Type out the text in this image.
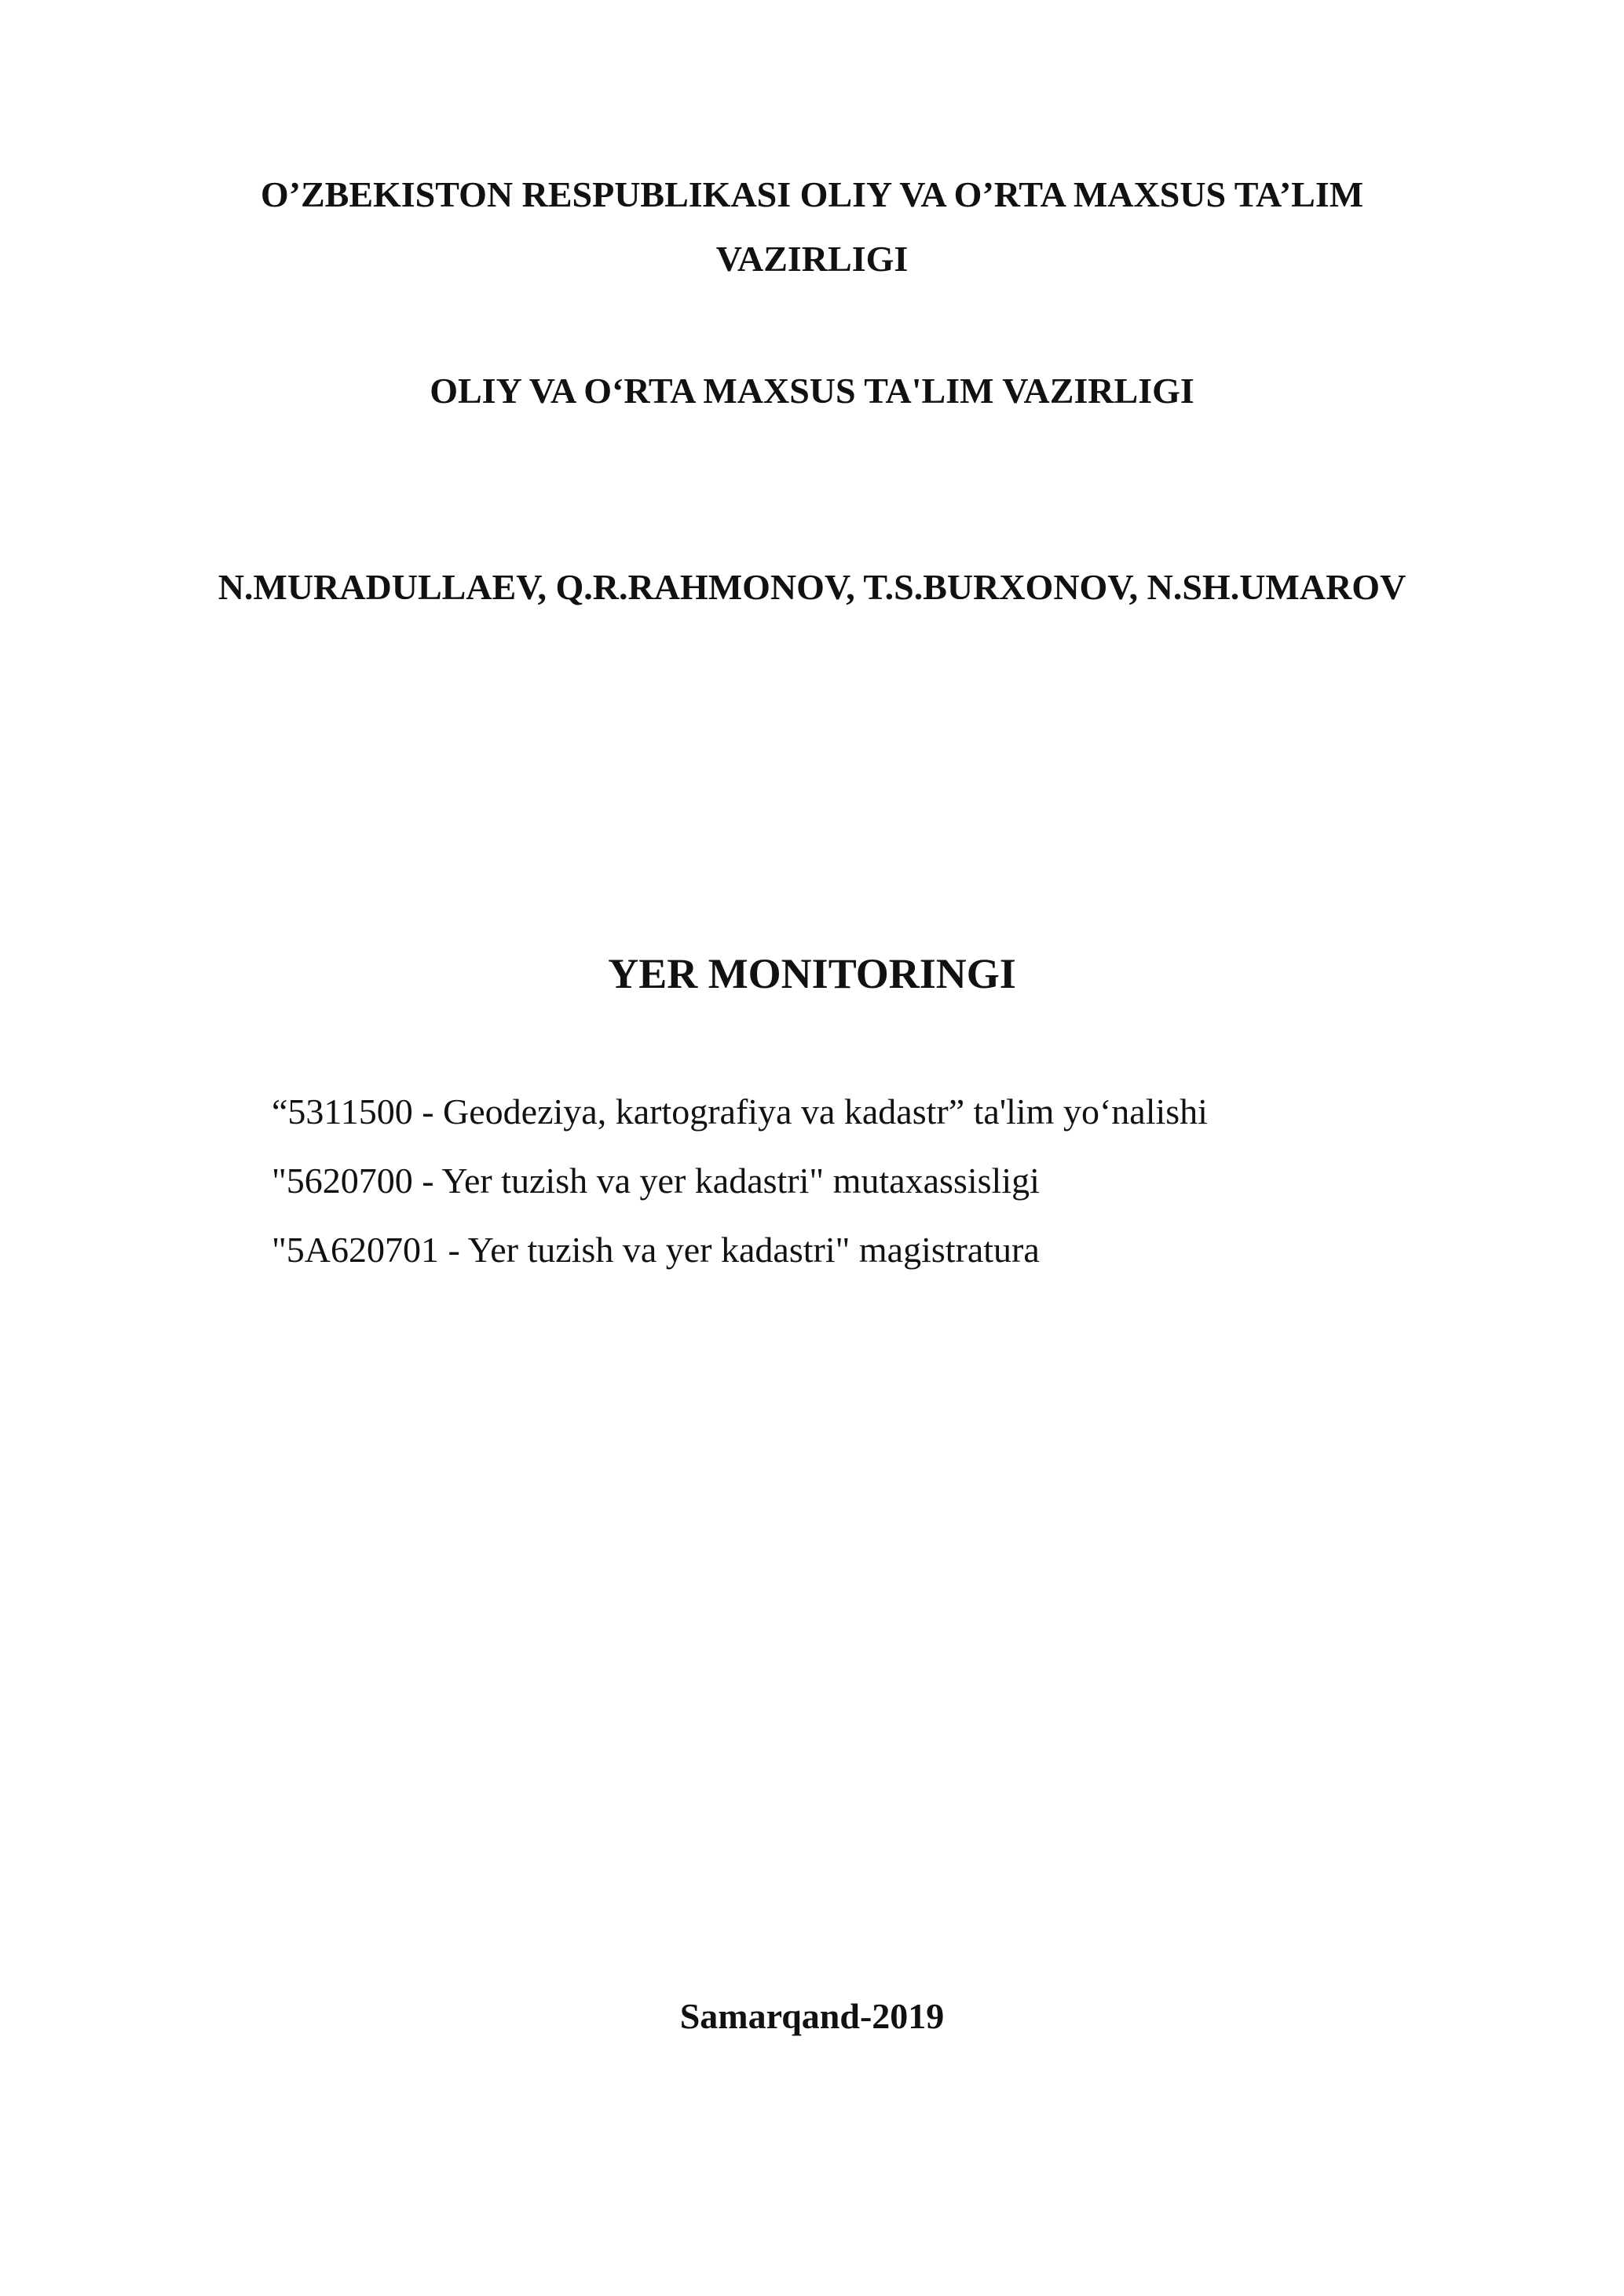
O’ZBEKISTON RESPUBLIKASI OLIY VA O’RTA MAXSUS TA’LIM
VAZIRLIGI
OLIY VA O‘RTA MAXSUS TA'LIM VAZIRLIGI
N.MURADULLAEV, Q.R.RAHMONOV, T.S.BURXONOV, N.SH.UMAROV
YER MONITORINGI
“5311500 - Geodeziya, kartografiya va kadastr” ta'lim yo‘nalishi
"5620700 - Yer tuzish va yer kadastri" mutaxassisligi
"5A620701 - Yer tuzish va yer kadastri" magistratura
Samarqand-2019
